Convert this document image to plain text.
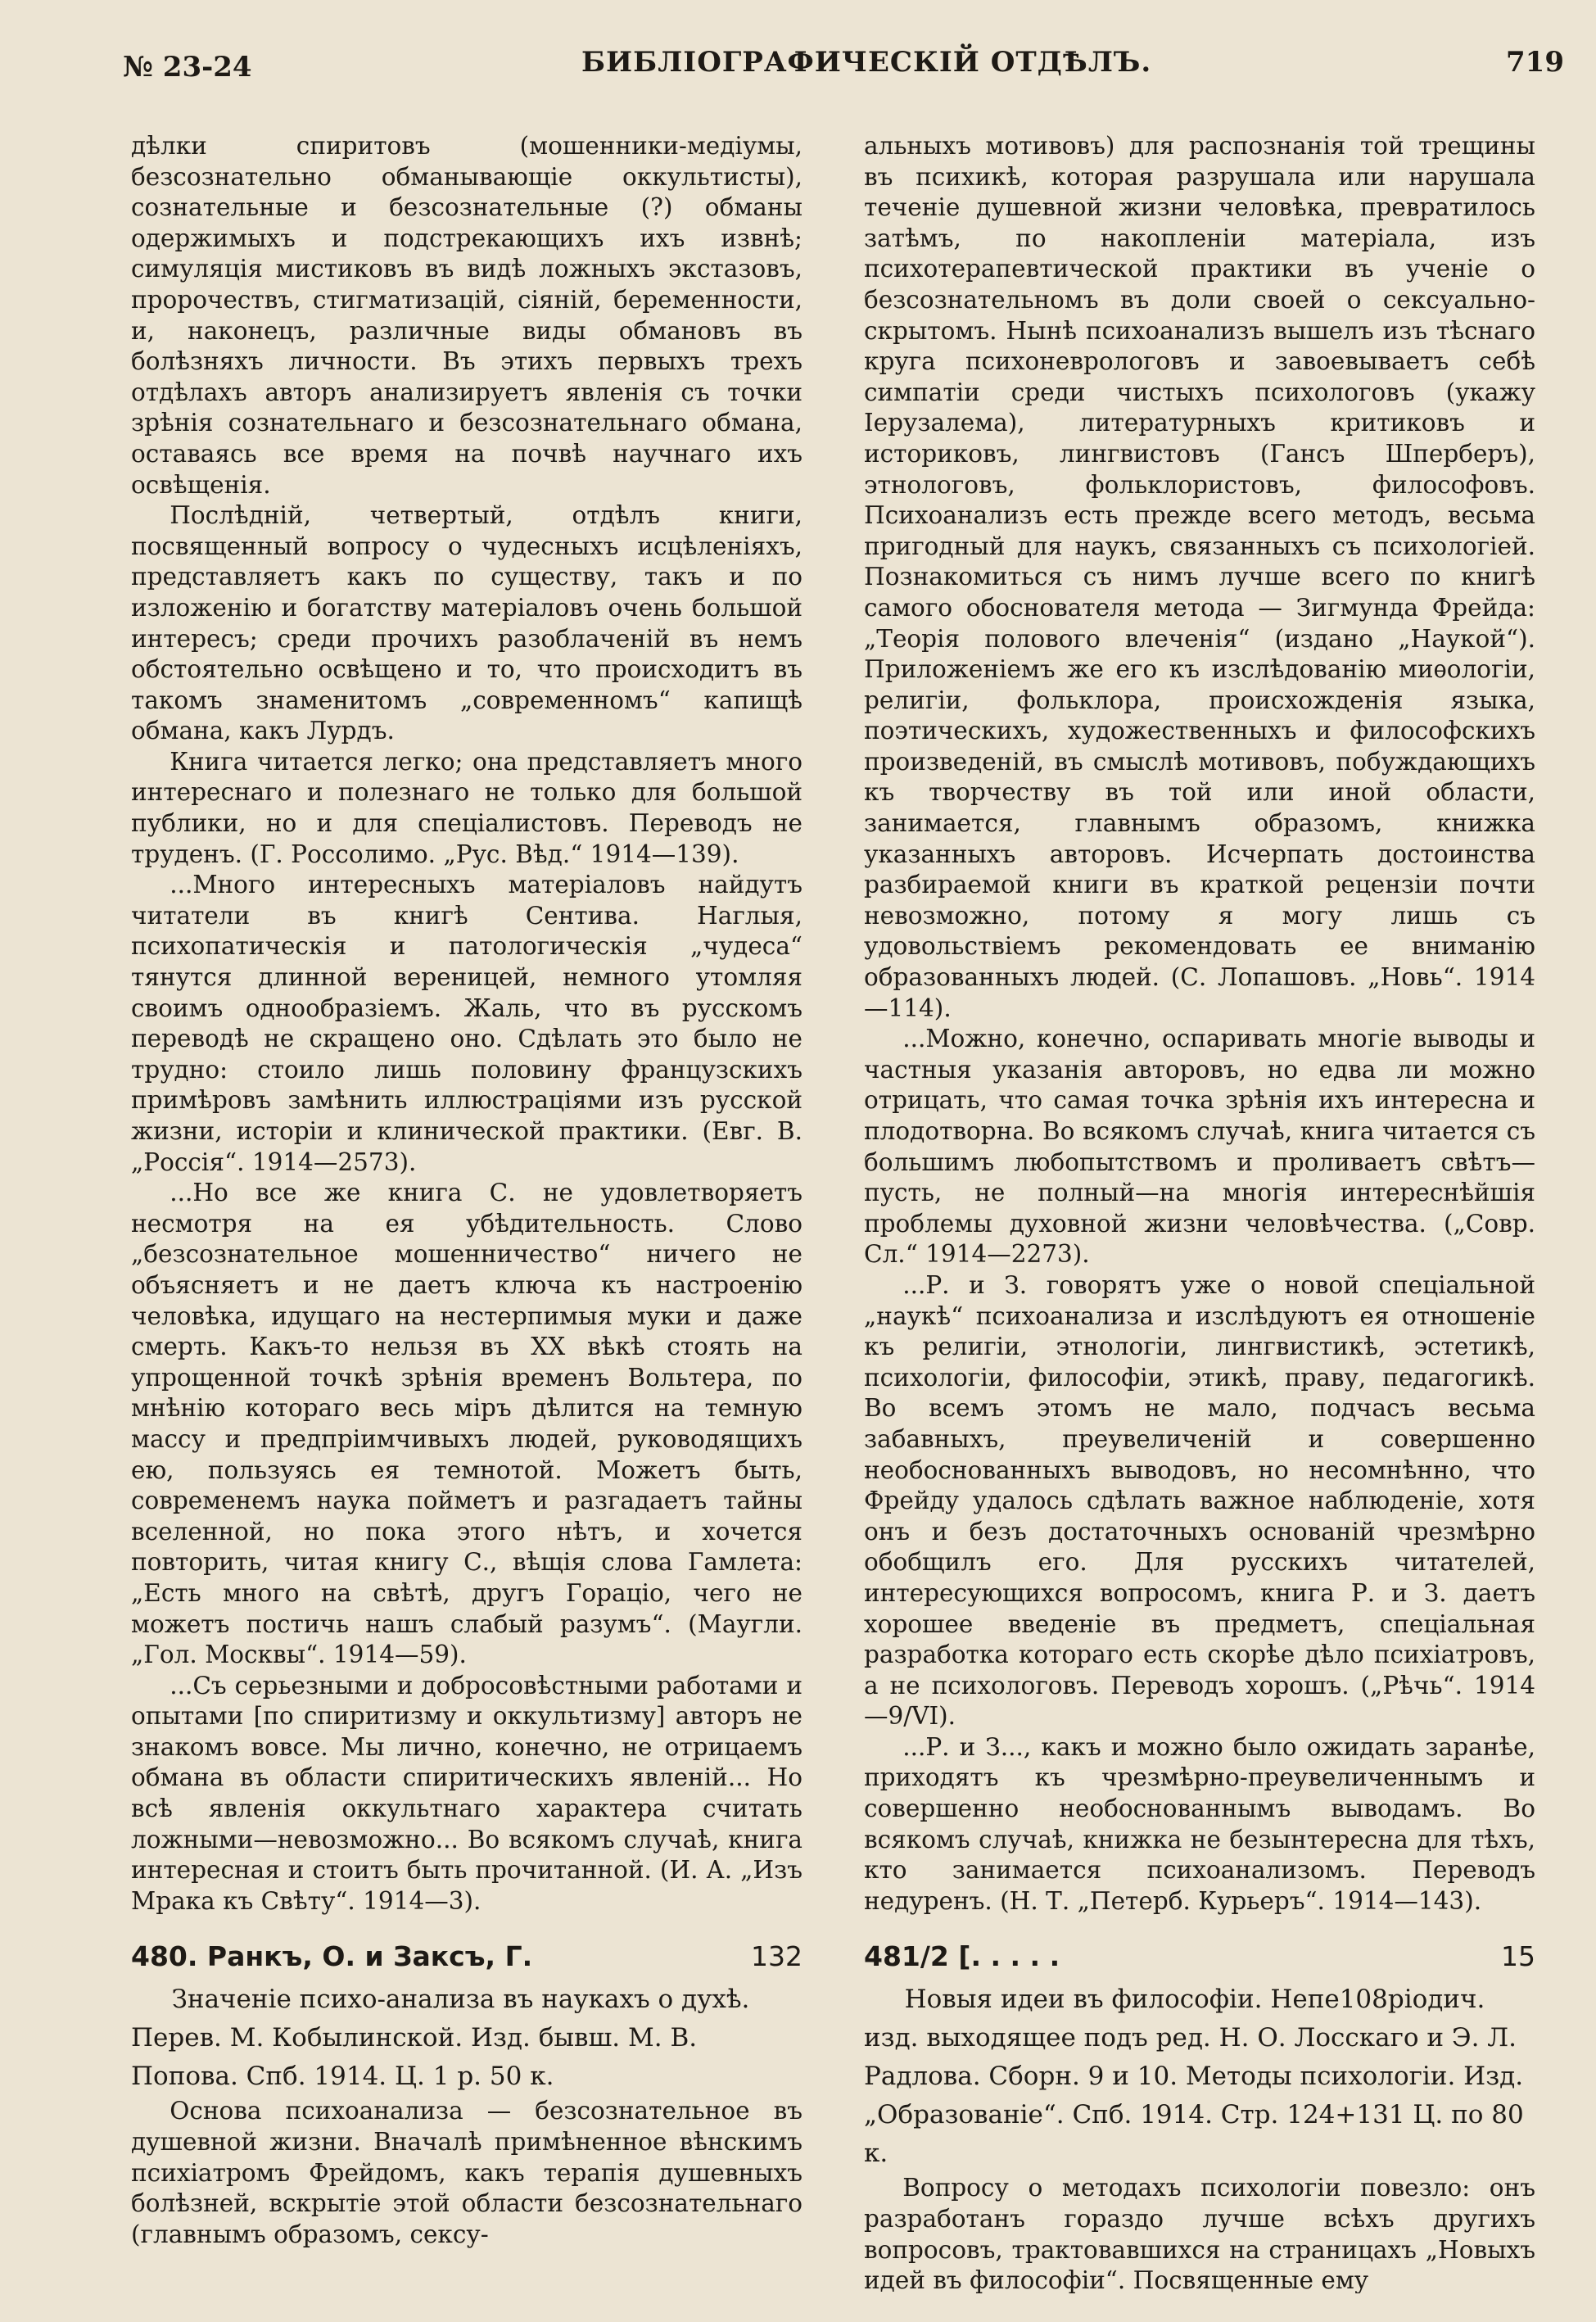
№ 23-24	БИБЛІОГРАФИЧЕСКІЙ ОТДѢЛЪ.	719

дѣлки спиритовъ (мошенники-медіумы, безсознательно обманывающіе оккультисты), сознательные и безсознательные (?) обманы одержимыхъ и подстрекающихъ ихъ извнѣ; симуляція мистиковъ въ видѣ ложныхъ экстазовъ, пророчествъ, стигматизацій, сіяній, беременности, и, наконецъ, различные виды обмановъ въ болѣзняхъ личности. Въ этихъ первыхъ трехъ отдѣлахъ авторъ анализируетъ явленія съ точки зрѣнія сознательнаго и безсознательнаго обмана, оставаясь все время на почвѣ научнаго ихъ освѣщенія.

Послѣдній, четвертый, отдѣлъ книги, посвященный вопросу о чудесныхъ исцѣленіяхъ, представляетъ какъ по существу, такъ и по изложенію и богатству матеріаловъ очень большой интересъ; среди прочихъ разоблаченій въ немъ обстоятельно освѣщено и то, что происходитъ въ такомъ знаменитомъ „современномъ“ капищѣ обмана, какъ Лурдъ.

Книга читается легко; она представляетъ много интереснаго и полезнаго не только для большой публики, но и для спеціалистовъ. Переводъ не труденъ. (Г. Россолимо. „Рус. Вѣд.“ 1914—139).

...Много интересныхъ матеріаловъ найдутъ читатели въ книгѣ Сентива. Наглыя, психопатическія и патологическія „чудеса“ тянутся длинной вереницей, немного утомляя своимъ однообразіемъ. Жаль, что въ русскомъ переводѣ не скращено оно. Сдѣлать это было не трудно: стоило лишь половину французскихъ примѣровъ замѣнить иллюстраціями изъ русской жизни, исторіи и клинической практики. (Евг. В. „Россія“. 1914—2573).

...Но все же книга С. не удовлетворяетъ несмотря на ея убѣдительность. Слово „безсознательное мошенничество“ ничего не объясняетъ и не даетъ ключа къ настроенію человѣка, идущаго на нестерпимыя муки и даже смерть. Какъ-то нельзя въ XX вѣкѣ стоять на упрощенной точкѣ зрѣнія временъ Вольтера, по мнѣнію котораго весь міръ дѣлится на темную массу и предпріимчивыхъ людей, руководящихъ ею, пользуясь ея темнотой. Можетъ быть, современемъ наука пойметъ и разгадаетъ тайны вселенной, но пока этого нѣтъ, и хочется повторить, читая книгу С., вѣщія слова Гамлета: „Есть много на свѣтѣ, другъ Гораціо, чего не можетъ постичь нашъ слабый разумъ“. (Маугли. „Гол. Москвы“. 1914—59).

...Съ серьезными и добросовѣстными работами и опытами [по спиритизму и оккультизму] авторъ не знакомъ вовсе. Мы лично, конечно, не отрицаемъ обмана въ области спиритическихъ явленій... Но всѣ явленія оккультнаго характера считать ложными—невозможно... Во всякомъ случаѣ, книга интересная и стоитъ быть прочитанной. (И. А. „Изъ Мрака къ Свѣту“. 1914—3).

480. Ранкъ, О. и Заксъ, Г.	132

Значеніе психо-анализа въ наукахъ о духѣ. Перев. М. Кобылинской. Изд. бывш. М. В. Попова. Спб. 1914. Ц. 1 р. 50 к.

Основа психоанализа — безсознательное въ душевной жизни. Вначалѣ примѣненное вѣнскимъ психіатромъ Фрейдомъ, какъ терапія душевныхъ болѣзней, вскрытіе этой области безсознательнаго (главнымъ образомъ, сексу-

альныхъ мотивовъ) для распознанія той трещины въ психикѣ, которая разрушала или нарушала теченіе душевной жизни человѣка, превратилось затѣмъ, по накопленіи матеріала, изъ психотерапевтической практики въ ученіе о безсознательномъ въ доли своей о сексуально-скрытомъ. Нынѣ психоанализъ вышелъ изъ тѣснаго круга психоневрологовъ и завоевываетъ себѣ симпатіи среди чистыхъ психологовъ (укажу Іерузалема), литературныхъ критиковъ и историковъ, лингвистовъ (Гансъ Шперберъ), этнологовъ, фольклористовъ, философовъ. Психоанализъ есть прежде всего методъ, весьма пригодный для наукъ, связанныхъ съ психологіей. Познакомиться съ нимъ лучше всего по книгѣ самого обоснователя метода — Зигмунда Фрейда: „Теорія полового влеченія“ (издано „Наукой“). Приложеніемъ же его къ изслѣдованію миѳологіи, религіи, фольклора, происхожденія языка, поэтическихъ, художественныхъ и философскихъ произведеній, въ смыслѣ мотивовъ, побуждающихъ къ творчеству въ той или иной области, занимается, главнымъ образомъ, книжка указанныхъ авторовъ. Исчерпать достоинства разбираемой книги въ краткой рецензіи почти невозможно, потому я могу лишь съ удовольствіемъ рекомендовать ее вниманію образованныхъ людей. (С. Лопашовъ. „Новь“. 1914—114).

...Можно, конечно, оспаривать многіе выводы и частныя указанія авторовъ, но едва ли можно отрицать, что самая точка зрѣнія ихъ интересна и плодотворна. Во всякомъ случаѣ, книга читается съ большимъ любопытствомъ и проливаетъ свѣтъ—пусть, не полный—на многія интереснѣйшія проблемы духовной жизни человѣчества. („Совр. Сл.“ 1914—2273).

...Р. и З. говорятъ уже о новой спеціальной „наукѣ“ психоанализа и изслѣдуютъ ея отношеніе къ религіи, этнологіи, лингвистикѣ, эстетикѣ, психологіи, философіи, этикѣ, праву, педагогикѣ. Во всемъ этомъ не мало, подчасъ весьма забавныхъ, преувеличеній и совершенно необоснованныхъ выводовъ, но несомнѣнно, что Фрейду удалось сдѣлать важное наблюденіе, хотя онъ и безъ достаточныхъ основаній чрезмѣрно обобщилъ его. Для русскихъ читателей, интересующихся вопросомъ, книга Р. и З. даетъ хорошее введеніе въ предметъ, спеціальная разработка котораго есть скорѣе дѣло психіатровъ, а не психологовъ. Переводъ хорошъ. („Рѣчь“. 1914—9/VI).

...Р. и З..., какъ и можно было ожидать заранѣе, приходятъ къ чрезмѣрно-преувеличеннымъ и совершенно необоснованнымъ выводамъ. Во всякомъ случаѣ, книжка не безынтересна для тѣхъ, кто занимается психоанализомъ. Переводъ недуренъ. (Н. Т. „Петерб. Курьеръ“. 1914—143).

481/2 [. . . . .	15

Новыя идеи въ философіи. Непе108ріодич. изд. выходящее подъ ред. Н. О. Лосскаго и Э. Л. Радлова. Сборн. 9 и 10. Методы психологіи. Изд. „Образованіе“. Спб. 1914. Стр. 124+131 Ц. по 80 к.

Вопросу о методахъ психологіи повезло: онъ разработанъ гораздо лучше всѣхъ другихъ вопросовъ, трактовавшихся на страницахъ „Новыхъ идей въ философіи“. Посвященные ему
